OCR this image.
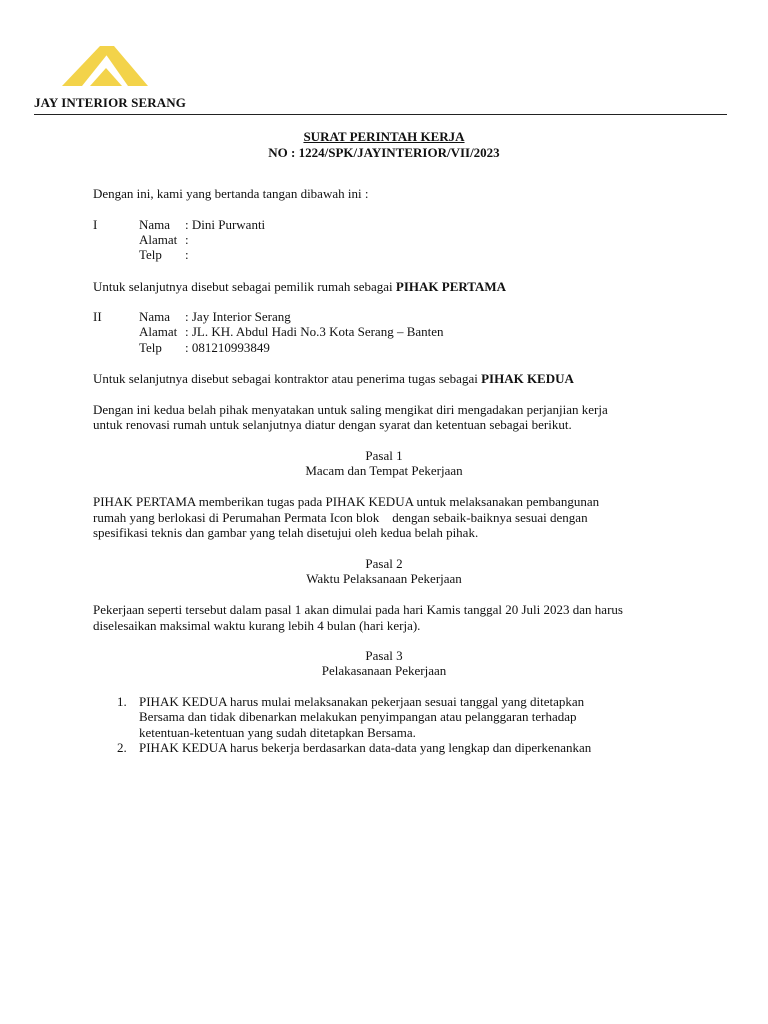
JAY INTERIOR SERANG
SURAT PERINTAH KERJA
NO : 1224/SPK/JAYINTERIOR/VII/2023
Dengan ini, kami yang bertanda tangan dibawah ini :
I	Nama : Dini Purwanti
Alamat :
Telp :
Untuk selanjutnya disebut sebagai pemilik rumah sebagai PIHAK PERTAMA
II	Nama : Jay Interior Serang
Alamat : JL. KH. Abdul Hadi No.3 Kota Serang – Banten
Telp : 081210993849
Untuk selanjutnya disebut sebagai kontraktor atau penerima tugas sebagai PIHAK KEDUA
Dengan ini kedua belah pihak menyatakan untuk saling mengikat diri mengadakan perjanjian kerja
untuk renovasi rumah untuk selanjutnya diatur dengan syarat dan ketentuan sebagai berikut.
Pasal 1
Macam dan Tempat Pekerjaan
PIHAK PERTAMA memberikan tugas pada PIHAK KEDUA untuk melaksanakan pembangunan
rumah yang berlokasi di Perumahan Permata Icon blok    dengan sebaik-baiknya sesuai dengan
spesifikasi teknis dan gambar yang telah disetujui oleh kedua belah pihak.
Pasal 2
Waktu Pelaksanaan Pekerjaan
Pekerjaan seperti tersebut dalam pasal 1 akan dimulai pada hari Kamis tanggal 20 Juli 2023 dan harus
diselesaikan maksimal waktu kurang lebih 4 bulan (hari kerja).
Pasal 3
Pelakasanaan Pekerjaan
1. PIHAK KEDUA harus mulai melaksanakan pekerjaan sesuai tanggal yang ditetapkan
Bersama dan tidak dibenarkan melakukan penyimpangan atau pelanggaran terhadap
ketentuan-ketentuan yang sudah ditetapkan Bersama.
2. PIHAK KEDUA harus bekerja berdasarkan data-data yang lengkap dan diperkenankan
